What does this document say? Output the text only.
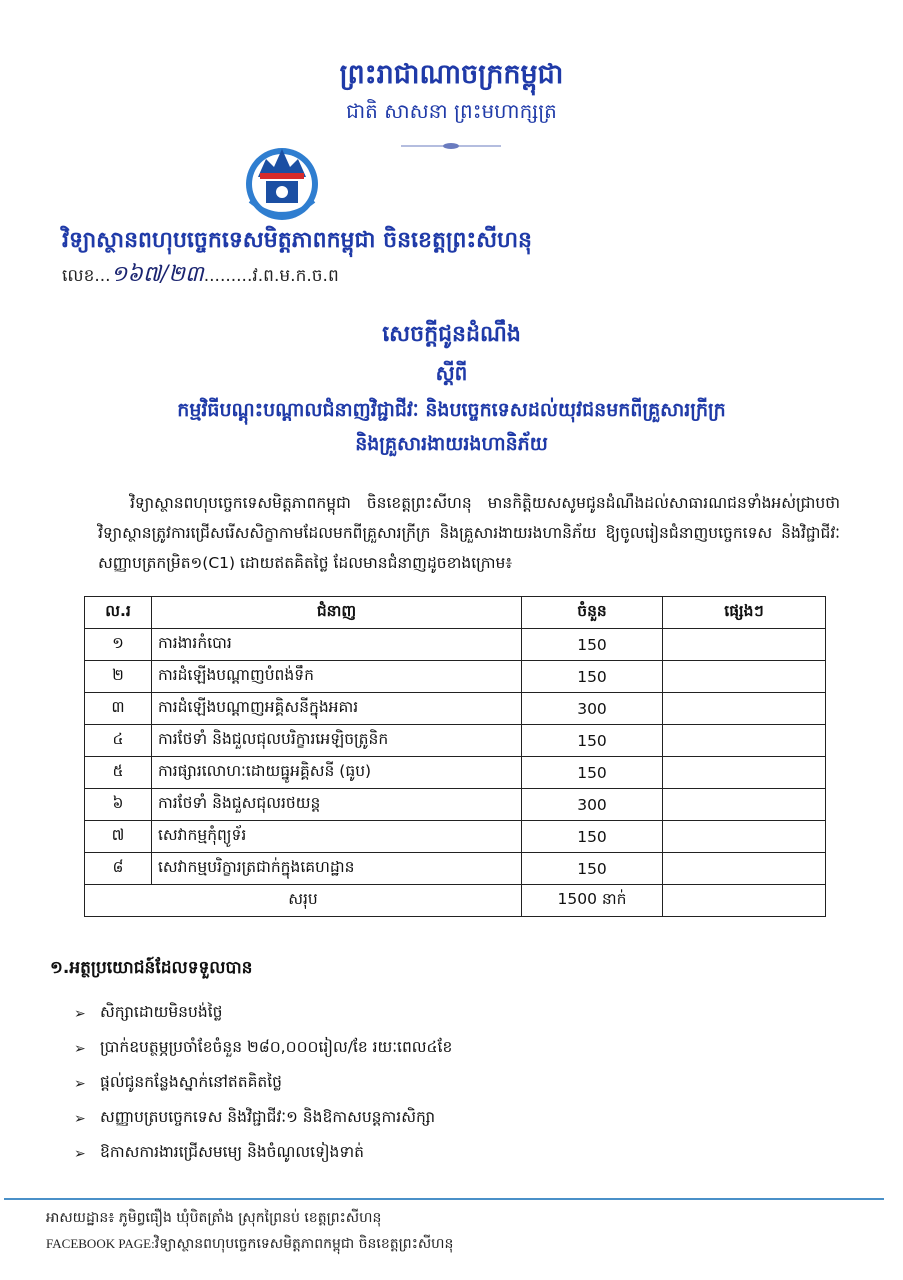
ព្រះរាជាណាចក្រកម្ពុជា
ជាតិ សាសនា ព្រះមហាក្សត្រ
វិទ្យាស្ថានពហុបច្ចេកទេសមិត្តភាពកម្ពុជា ចិនខេត្តព្រះសីហនុ
លេខ...១៦៧/២៣.........វ.ព.ម.ក.ច.ព
សេចក្តីជូនដំណឹង
ស្តីពី
កម្មវិធីបណ្តុះបណ្តាលជំនាញវិជ្ជាជីវៈ និងបច្ចេកទេសដល់យុវជនមកពីគ្រួសារក្រីក្រ
និងគ្រួសារងាយរងហានិភ័យ
វិទ្យាស្ថានពហុបច្ចេកទេសមិត្តភាពកម្ពុជា ចិនខេត្តព្រះសីហនុ មានកិត្តិយសសូមជូនដំណឹងដល់សាធារណជនទាំងអស់ជ្រាបថា វិទ្យាស្ថានត្រូវការជ្រើសរើសសិក្ខាកាមដែលមកពីគ្រួសារក្រីក្រ និងគ្រួសារងាយរងហានិភ័យ ឱ្យចូលរៀនជំនាញបច្ចេកទេស និងវិជ្ជាជីវៈ សញ្ញាបត្រកម្រិត១(C1) ដោយឥតគិតថ្លៃ ដែលមានជំនាញដូចខាងក្រោម៖
ល.រ	ជំនាញ	ចំនួន	ផ្សេងៗ
១	ការងារកំបោរ	150	
២	ការដំឡើងបណ្តាញបំពង់ទឹក	150	
៣	ការដំឡើងបណ្តាញអគ្គិសនីក្នុងអគារ	300	
៤	ការថែទាំ និងជួលជុលបរិក្ខារអេឡិចត្រូនិក	150	
៥	ការផ្សារលោហៈដោយធ្នូអគ្គិសនី (ធូប)	150	
៦	ការថែទាំ និងជួសជុលរថយន្ត	300	
៧	សេវាកម្មកុំព្យូទ័រ	150	
៨	សេវាកម្មបរិក្ខារត្រជាក់ក្នុងគេហដ្ឋាន	150	
សរុប		1500 នាក់	
១.អត្ថប្រយោជន៍ដែលទទួលបាន
➢ សិក្សាដោយមិនបង់ថ្លៃ
➢ ប្រាក់ឧបត្ថម្ភប្រចាំខែចំនួន ២៨០,០០០រៀល/ខែ រយៈពេល៤ខែ
➢ ផ្តល់ជូនកន្លែងស្នាក់នៅឥតគិតថ្លៃ
➢ សញ្ញាបត្របច្ចេកទេស និងវិជ្ជាជីវៈ១ និងឱកាសបន្តការសិក្សា
➢ ឱកាសការងារជ្រើសមម្យេ និងចំណូលទៀងទាត់
អាសយដ្ឋាន៖ ភូមិព្វធឿង ឃុំបិតត្រាំង ស្រុកព្រៃនប់ ខេត្តព្រះសីហនុ
FACEBOOK PAGE:វិទ្យាស្ថានពហុបច្ចេកទេសមិត្តភាពកម្ពុជា ចិនខេត្តព្រះសីហនុ
